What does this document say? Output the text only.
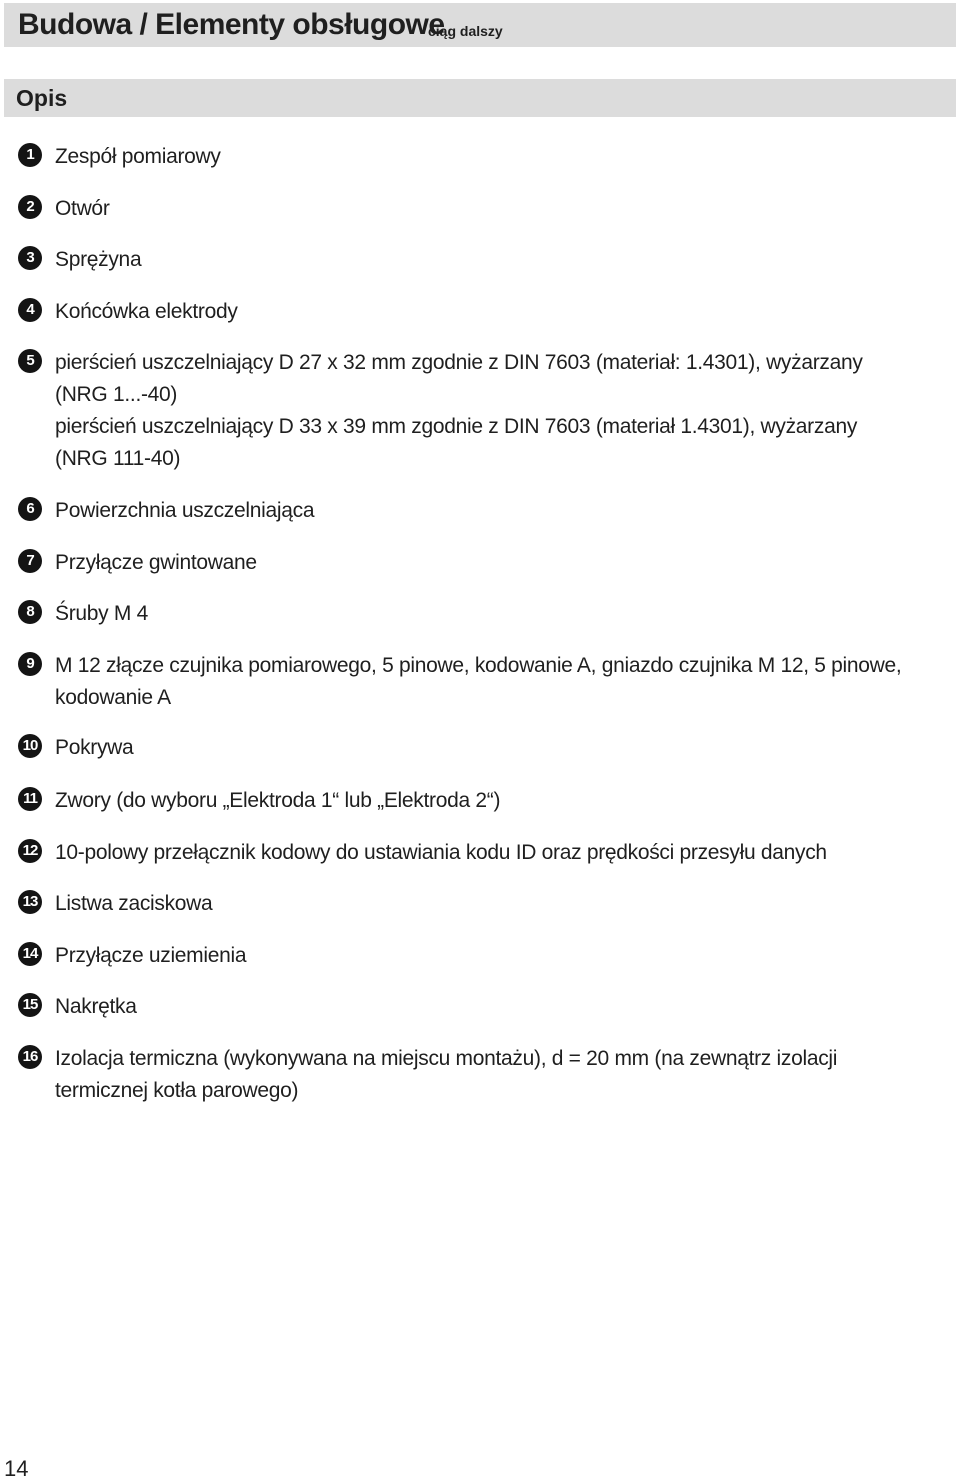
Budowa / Elementy obsługowe
ciąg dalszy
Opis
1	Zespół pomiarowy
2	Otwór
3	Sprężyna
4	Końcówka elektrody
5	pierścień uszczelniający D 27 x 32 mm zgodnie z DIN 7603 (materiał: 1.4301), wyżarzany
(NRG 1...-40)
pierścień uszczelniający D 33 x 39 mm zgodnie z DIN 7603 (materiał 1.4301), wyżarzany
(NRG 111-40)
6	Powierzchnia uszczelniająca
7	Przyłącze gwintowane
8	Śruby M 4
9	M 12 złącze czujnika pomiarowego, 5 pinowe, kodowanie A, gniazdo czujnika M 12, 5 pinowe,
kodowanie A
10 Pokrywa
11 Zwory (do wyboru „Elektroda 1“ lub „Elektroda 2“)
12 10-polowy przełącznik kodowy do ustawiania kodu ID oraz prędkości przesyłu danych
13 Listwa zaciskowa
14 Przyłącze uziemienia
15 Nakrętka
16 Izolacja termiczna (wykonywana na miejscu montażu), d = 20 mm (na zewnątrz izolacji
termicznej kotła parowego)
14
